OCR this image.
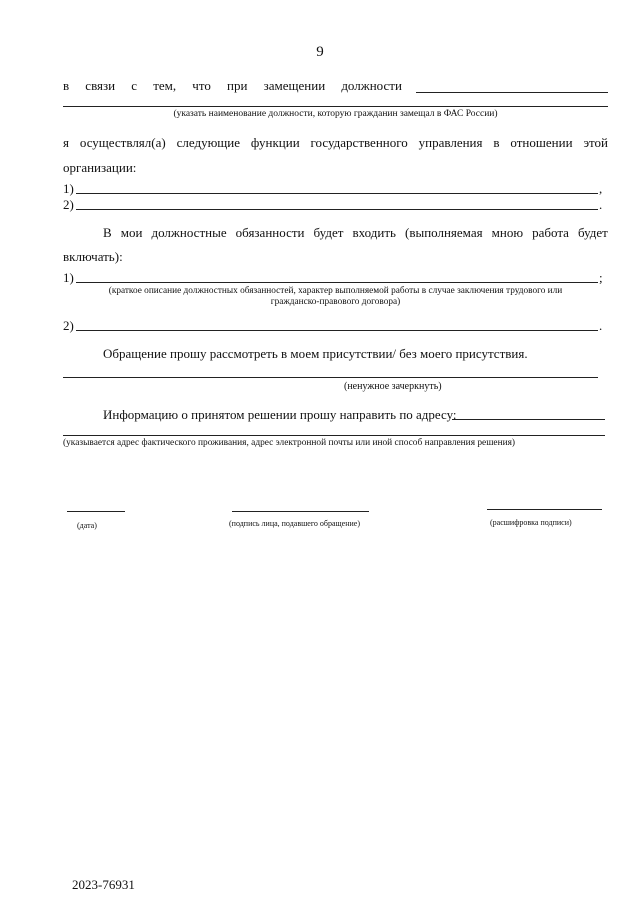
9
в связи с тем, что при замещении должности
(указать наименование должности, которую гражданин замещал в ФАС России)
я осуществлял(а) следующие функции государственного управления в отношении этой
организации:
1)	,
2)	.
В мои должностные обязанности будет входить (выполняемая мною работа будет
включать):
1)	;
(краткое описание должностных обязанностей, характер выполняемой работы в случае заключения трудового или
гражданско-правового договора)
2)	.
Обращение прошу рассмотреть в моем присутствии/ без моего присутствия.
(ненужное зачеркнуть)
Информацию о принятом решении прошу направить по адресу:
(указывается адрес фактического проживания, адрес электронной почты или иной способ направления решения)
(дата)	(подпись лица, подавшего обращение)	(расшифровка подписи)
2023-76931
